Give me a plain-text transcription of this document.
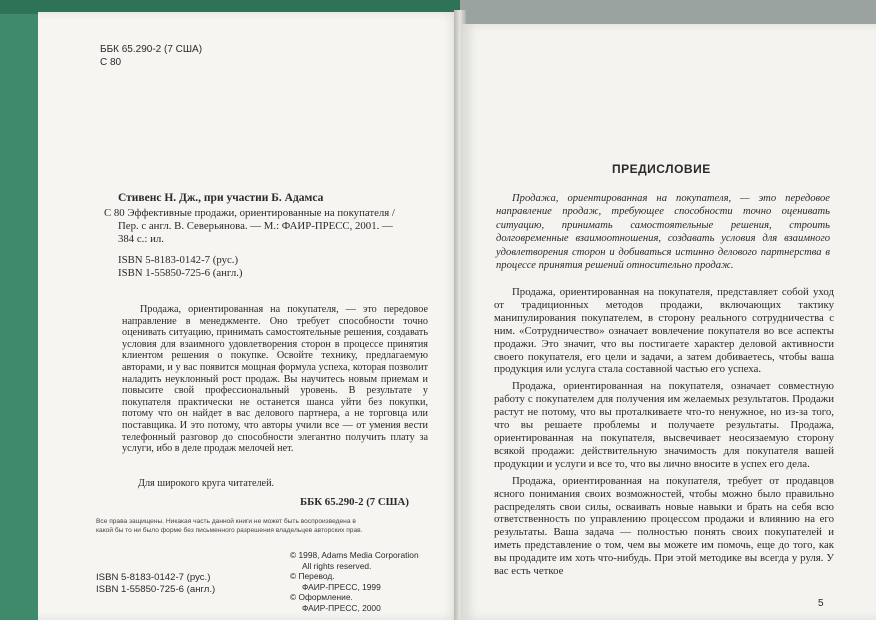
ББК 65.290-2 (7 США)
С 80

Стивенс Н. Дж., при участии Б. Адамса

С 80 Эффективные продажи, ориентированные на покупателя /

Пер. с англ. В. Северьянова. — М.: ФАИР-ПРЕСС, 2001. —

384 с.: ил.

ISBN 5-8183-0142-7 (рус.)

ISBN 1-55850-725-6 (англ.)

Продажа, ориентированная на покупателя, — это передовое направление в менеджменте. Оно требует способности точно оценивать ситуацию, принимать самостоятельные решения, создавать условия для взаимного удовлетворения сторон в процессе принятия клиентом решения о покупке. Освойте технику, предлагаемую авторами, и у вас появится мощная формула успеха, которая позволит наладить неуклонный рост продаж. Вы научитесь новым приемам и повысите свой профессиональный уровень. В результате у покупателя практически не останется шанса уйти без покупки, потому что он найдет в вас делового партнера, а не торговца или поставщика. И это потому, что авторы учили все — от умения вести телефонный разговор до способности элегантно получить плату за услуги, ибо в деле продаж мелочей нет.
Для широкого круга читателей.
ББК 65.290-2 (7 США)
Все права защищены. Никакая часть данной книги не может быть воспроизведена в
какой бы то ни было форме без письменного разрешения владельцев авторских прав.
© 1998, Adams Media Corporation
All rights reserved.
© Перевод.
ФАИР-ПРЕСС, 1999
© Оформление.
ФАИР-ПРЕСС, 2000
ISBN 5-8183-0142-7 (рус.)
ISBN 1-55850-725-6 (англ.)
ПРЕДИСЛОВИЕ
Продажа, ориентированная на покупателя, — это передовое направление продаж, требующее способности точно оценивать ситуацию, принимать самостоятельные решения, строить долговременные взаимоотношения, создавать условия для взаимного удовлетворения сторон и добиваться истинно делового партнерства в процессе принятия решений относительно продаж.

Продажа, ориентированная на покупателя, представляет собой уход от традиционных методов продажи, включающих тактику манипулирования покупателем, в сторону реального сотрудничества с ним. «Сотрудничество» означает вовлечение покупателя во все аспекты продажи. Это значит, что вы постигаете характер деловой активности своего покупателя, его цели и задачи, а затем добиваетесь, чтобы ваша продукция или услуга стала составной частью его успеха.

Продажа, ориентированная на покупателя, означает совместную работу с покупателем для получения им желаемых результатов. Продажи растут не потому, что вы проталкиваете что-то ненужное, но из-за того, что вы решаете проблемы и получаете результаты. Продажа, ориентированная на покупателя, высвечивает неосязаемую сторону всякой продажи: действительную значимость для покупателя вашей продукции и услуги и все то, что вы лично вносите в успех его дела.

Продажа, ориентированная на покупателя, требует от продавцов ясного понимания своих возможностей, чтобы можно было правильно распределять свои силы, осваивать новые навыки и брать на себя всю ответственность по управлению процессом продажи и влиянию на его результаты. Ваша задача — полностью понять своих покупателей и иметь представление о том, чем вы можете им помочь, еще до того, как вы продадите им хоть что-нибудь. При этой методике вы всегда у руля. У вас есть четкое

5
